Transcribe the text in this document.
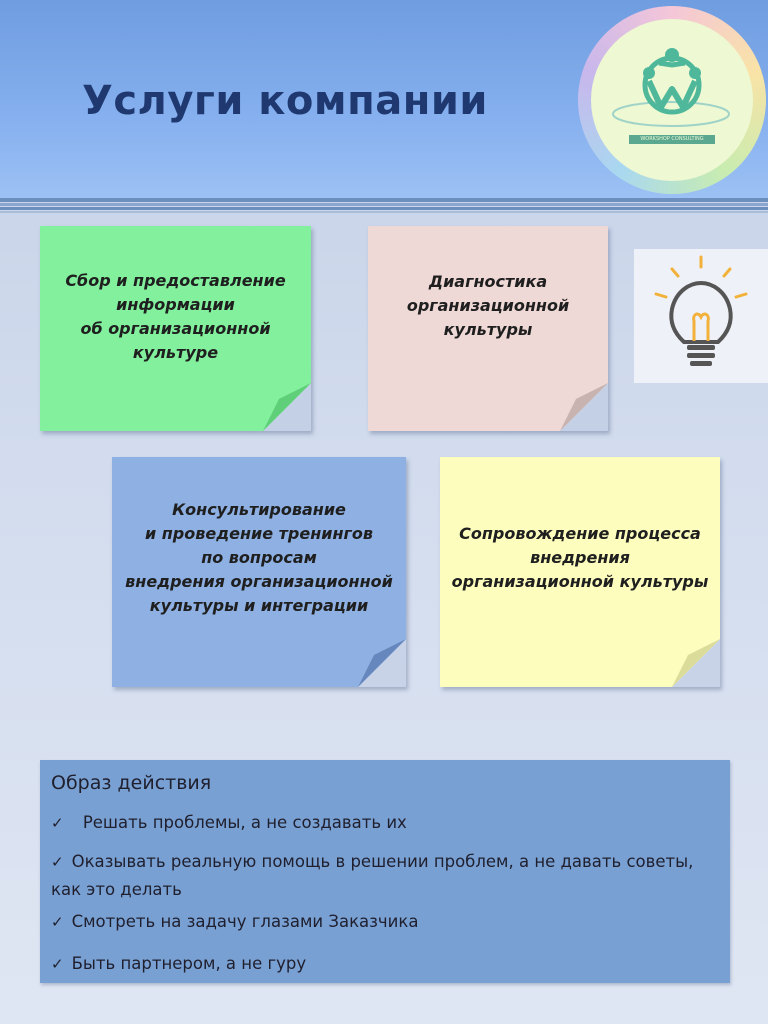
Услуги компании
WORKSHOP CONSULTING
Сбор и предоставление
информации
об организационной
культуре
Диагностика
организационной
культуры
Консультирование
и проведение тренингов
по вопросам
внедрения организационной
культуры и интеграции
Сопровождение процесса
внедрения
организационной культуры
Образ действия
✓ Решать проблемы, а не создавать их
✓ Оказывать реальную помощь в решении проблем, а не давать советы, как это делать
✓ Смотреть на задачу глазами Заказчика
✓ Быть партнером, а не гуру
